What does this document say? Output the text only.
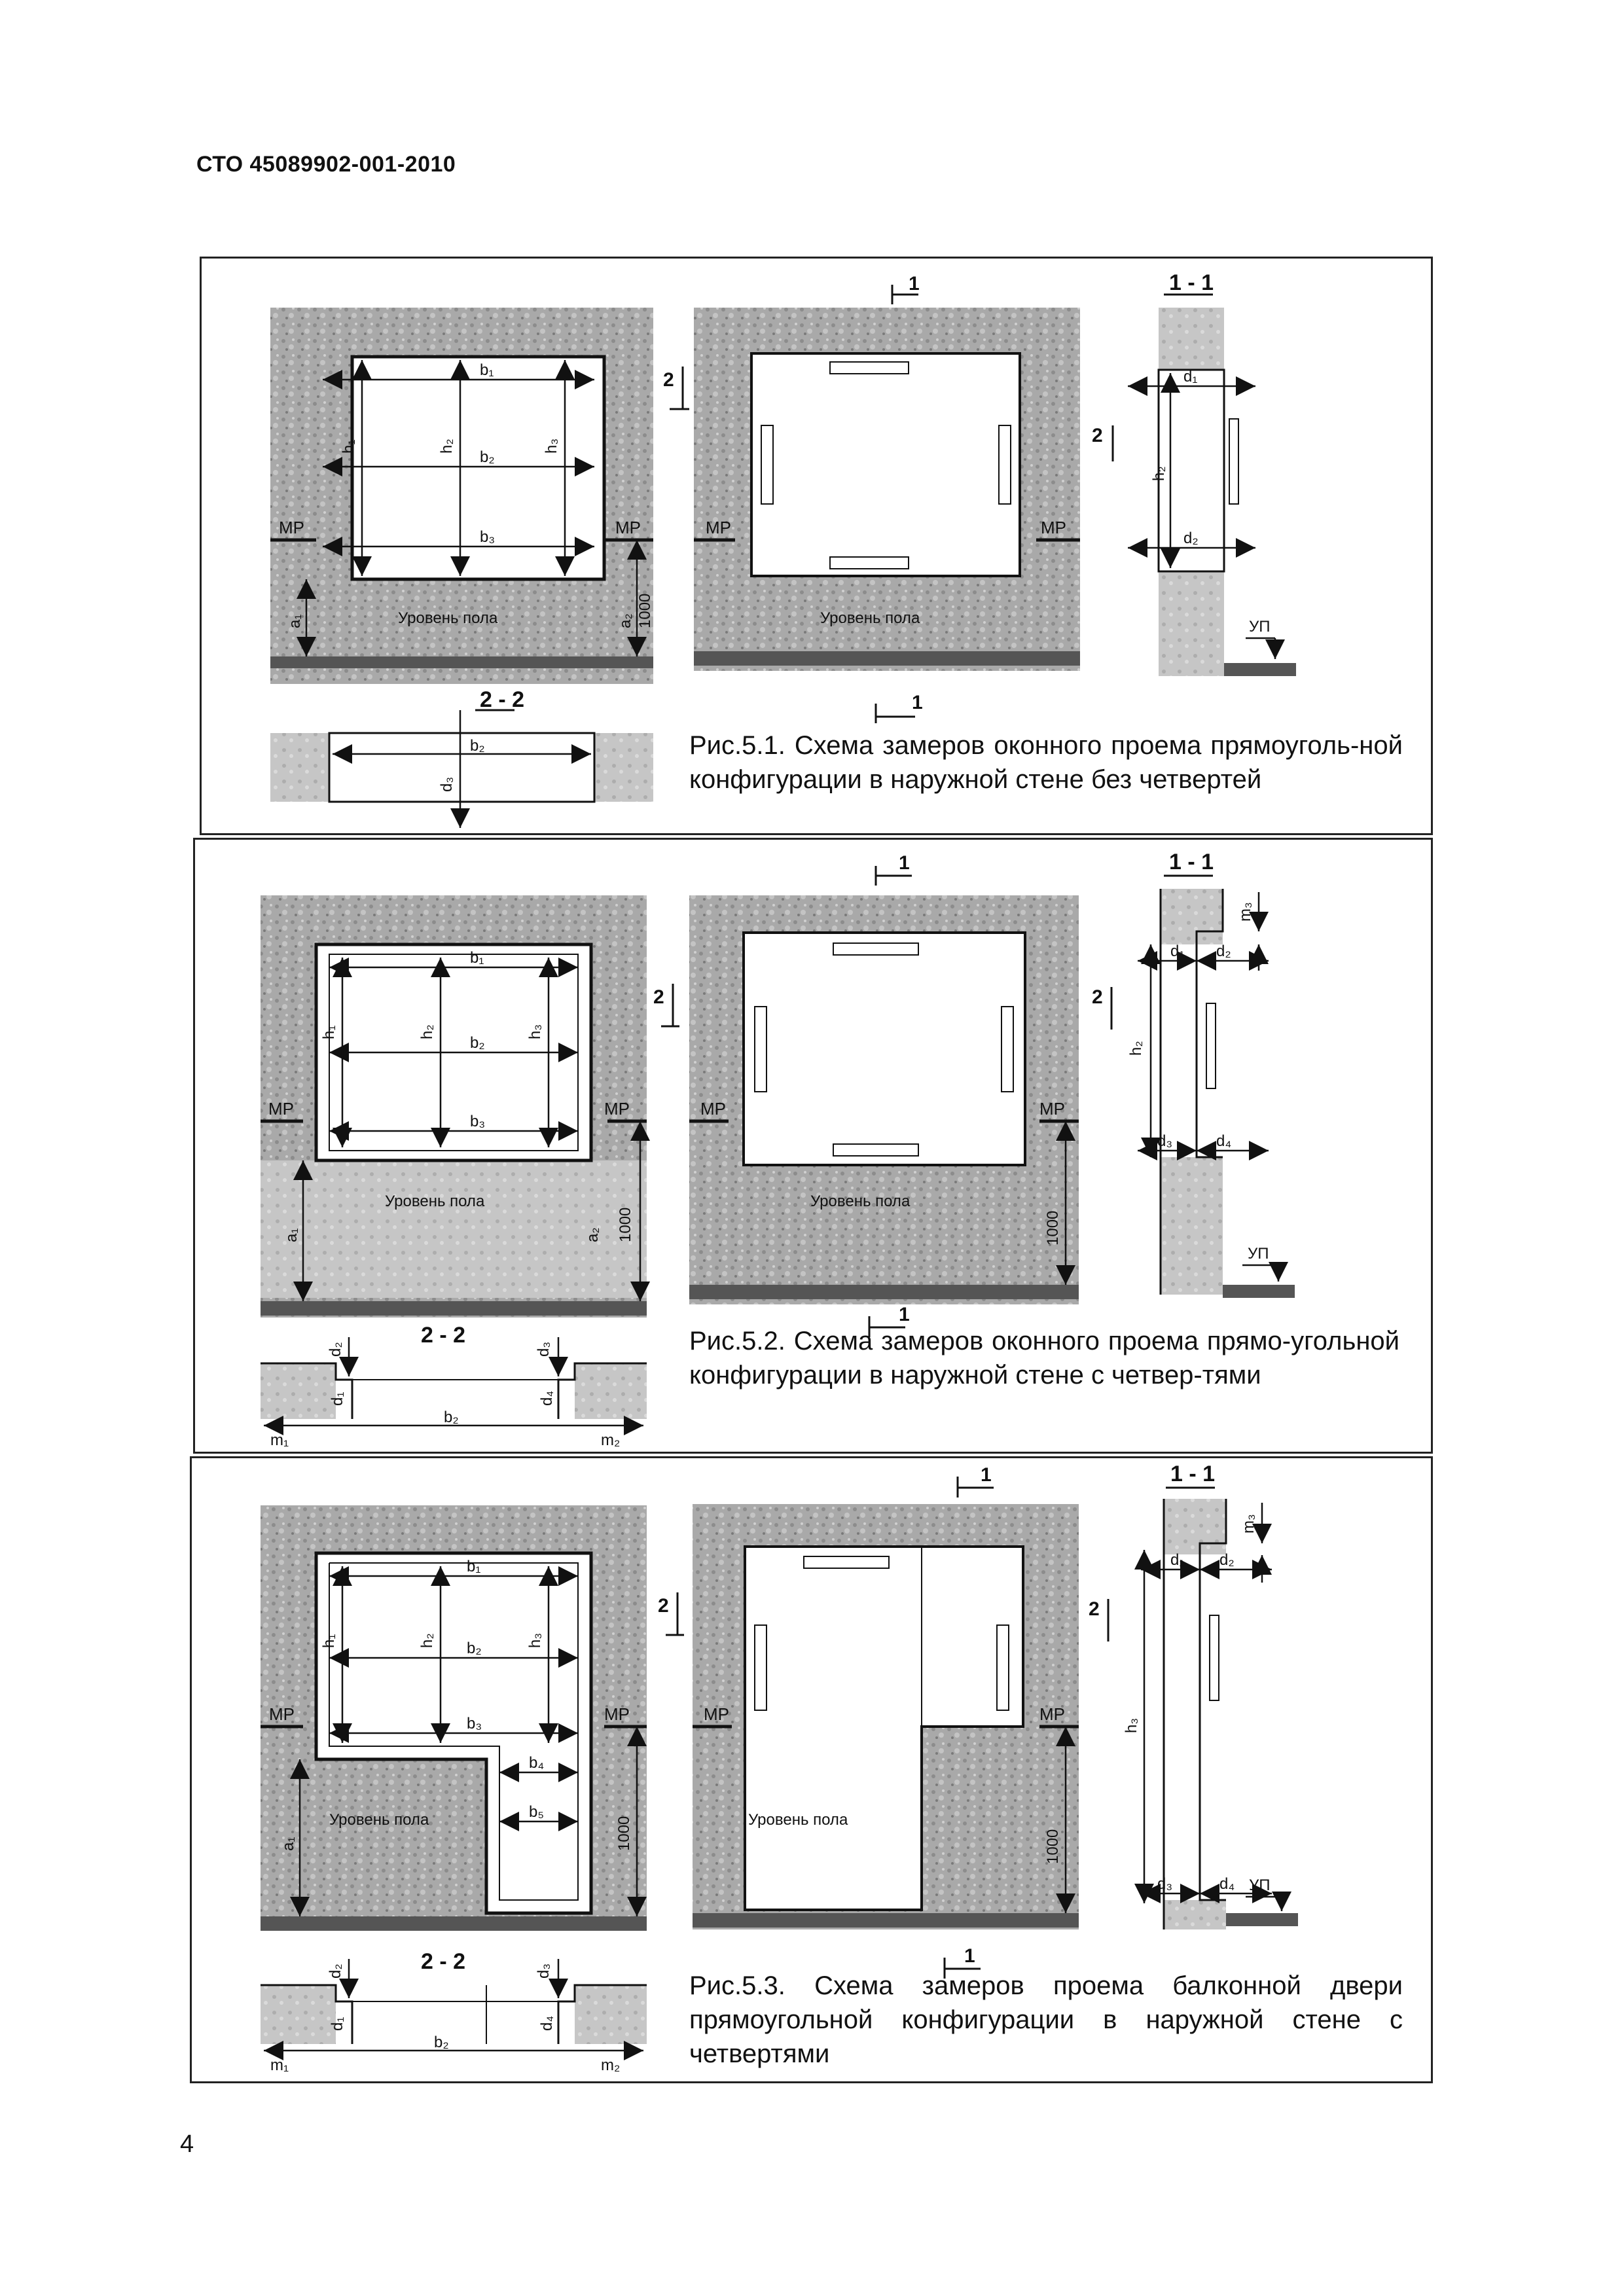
СТО 45089902-001-2010
b₁
b₂
b₃
h₁	h₂	h₃
МР	МР
a₁	a₂ 1000
Уровень пола
2 - 2
b₂
d₃
МР	МР
Уровень пола
1
1
2
1 - 1
d₁
d₂
h₂
УП
2
Рис.5.1. Схема замеров оконного проема прямоуголь-ной конфигурации в наружной стене без четвертей
b₁
b₂
b₃
h₁	h₂	h₃
МР	МР
a₁	a₂ 1000
Уровень пола
2 - 2
m₁	m₂
b₂
d₂	d₃
d₁	d₄
МР	МР
1000
Уровень пола
1
1
2
1 - 1
d₁ d₂
d₃	d₄
m₃
h₂
УП
2
Рис.5.2. Схема замеров оконного проема прямо-угольной конфигурации в наружной стене с четвер-тями
b₁
b₂
b₃
b₄
b₅
h₁	h₂	h₃
МР	МР
a₁	1000
Уровень пола
2 - 2
m₁	m₂
b₂
d₂	d₃
d₁	d₄
МР	МР
1000
Уровень пола
1
1
2
1 - 1
d₁ d₂
d₃	d₄
m₃
h₃
УП
2
Рис.5.3. Схема замеров проема балконной двери прямоугольной конфигурации в наружной стене с четвертями
4
